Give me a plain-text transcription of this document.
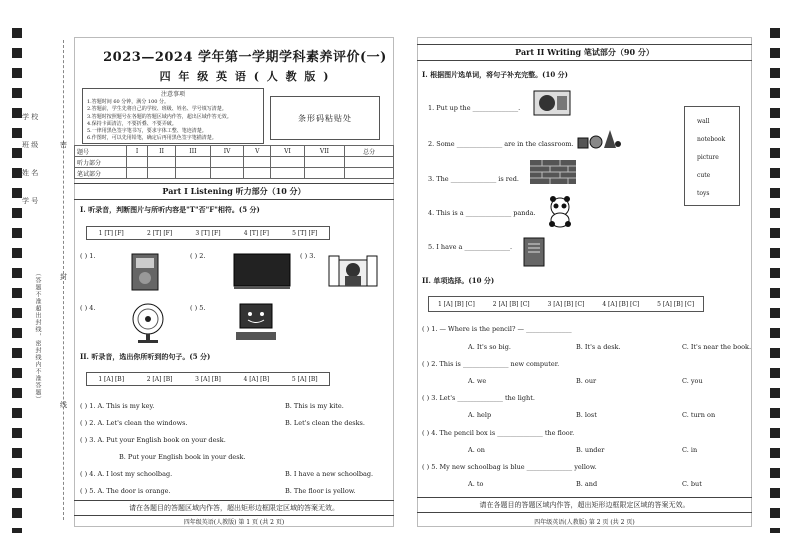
学 校
班 级
姓 名
学 号
（答题不准超出封线，密封线内不准答题）
密
封
线
2023—2024 学年第一学期学科素养评价(一)
四 年 级 英 语 ( 人 教 版 )
注意事项
1.答题时间 60 分钟，满分 100 分。
2.答题前，学生先将自己的学校、班级、姓名、学号填写清楚。
3.答题时按照题号在各题的答题区域内作答，超出区域作答无效。
4.保持卡面清洁，不要折叠、不要弄破。
5.一律用黑色签字笔书写，要求字体工整、笔迹清楚。
6.作图时，可以先用铅笔，确定后再用黑色签字笔描清楚。
条形码粘贴处
题号	I	II	III	IV	V	VI	VII	总分
听力部分								
笔试部分								
Part I Listening 听力部分（10 分）
I. 听录音，判断图片与所听内容是"T"否"F"相符。(5 分)
1 [T] [F]	2 [T] [F]	3 [T] [F]	4 [T] [F]	5 [T] [F]
( ) 1.	( ) 2.	( ) 3.
( ) 4.	( ) 5.
II. 听录音，选出你所听到的句子。(5 分)
1 [A] [B]	2 [A] [B]	3 [A] [B]	4 [A] [B]	5 [A] [B]
( ) 1. A. This is my key.	B. This is my kite.
( ) 2. A. Let's clean the windows.	B. Let's clean the desks.
( ) 3. A. Put your English book on your desk.
B. Put your English book in your desk.
( ) 4. A. I lost my schoolbag.	B. I have a new schoolbag.
( ) 5. A. The door is orange.	B. The floor is yellow.
请在各题目的答题区域内作答，超出矩形边框限定区域的答案无效。
四年级英语(人教版) 第 1 页 (共 2 页)
Part II Writing 笔试部分（90 分）
I. 根据图片选单词，将句子补充完整。(10 分)
1. Put up the ______________.
2. Some ______________ are in the classroom.
3. The ______________ is red.
4. This is a ______________ panda.
5. I have a ______________.
wall
notebook
picture
cute
toys
II. 单项选择。(10 分)
1 [A] [B] [C]	2 [A] [B] [C]	3 [A] [B] [C]	4 [A] [B] [C]	5 [A] [B] [C]
( ) 1. — Where is the pencil? — ______________
A. It's so big.	B. It's a desk.	C. It's near the book.
( ) 2. This is ______________ new computer.
A. we	B. our	C. you
( ) 3. Let's ______________ the light.
A. help	B. lost	C. turn on
( ) 4. The pencil box is ______________ the floor.
A. on	B. under	C. in
( ) 5. My new schoolbag is blue ______________ yellow.
A. to	B. and	C. but
请在各题目的答题区域内作答，超出矩形边框限定区域的答案无效。
四年级英语(人教版) 第 2 页 (共 2 页)
